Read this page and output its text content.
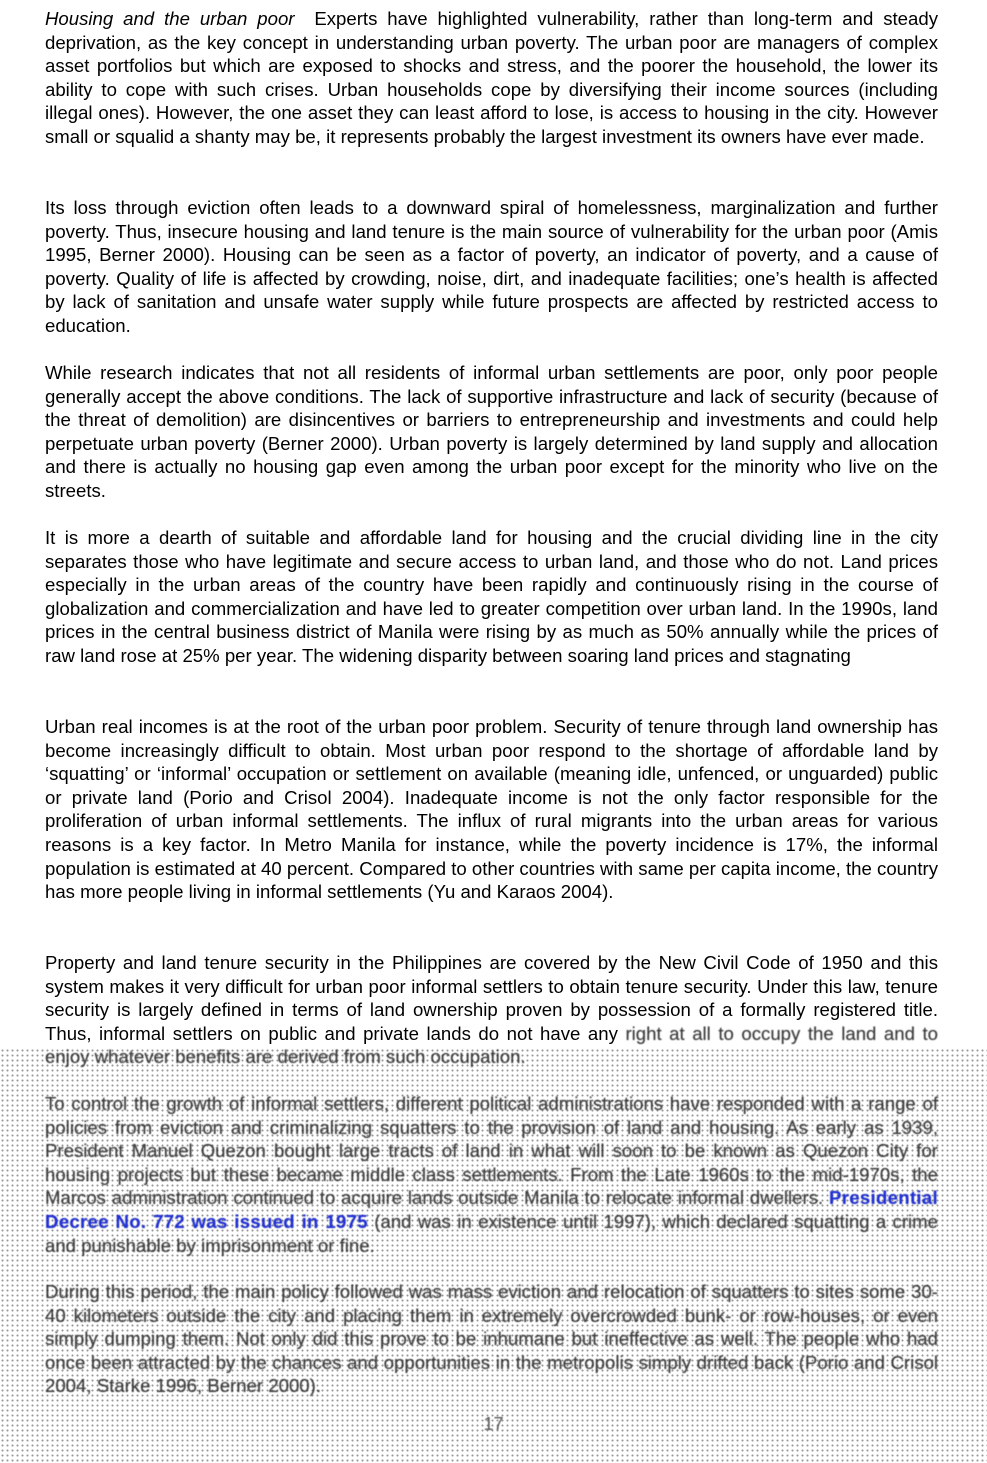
Housing and the urban poor Experts have highlighted vulnerability, rather than long-term and steady deprivation, as the key concept in understanding urban poverty. The urban poor are managers of complex asset portfolios but which are exposed to shocks and stress, and the poorer the household, the lower its ability to cope with such crises. Urban households cope by diversifying their income sources (including illegal ones). However, the one asset they can least afford to lose, is access to housing in the city. However small or squalid a shanty may be, it represents probably the largest investment its owners have ever made.

Its loss through eviction often leads to a downward spiral of homelessness, marginalization and further poverty. Thus, insecure housing and land tenure is the main source of vulnerability for the urban poor (Amis 1995, Berner 2000). Housing can be seen as a factor of poverty, an indicator of poverty, and a cause of poverty. Quality of life is affected by crowding, noise, dirt, and inadequate facilities; one’s health is affected by lack of sanitation and unsafe water supply while future prospects are affected by restricted access to education.

While research indicates that not all residents of informal urban settlements are poor, only poor people generally accept the above conditions. The lack of supportive infrastructure and lack of security (because of the threat of demolition) are disincentives or barriers to entrepreneurship and investments and could help perpetuate urban poverty (Berner 2000). Urban poverty is largely determined by land supply and allocation and there is actually no housing gap even among the urban poor except for the minority who live on the streets.

It is more a dearth of suitable and affordable land for housing and the crucial dividing line in the city separates those who have legitimate and secure access to urban land, and those who do not. Land prices especially in the urban areas of the country have been rapidly and continuously rising in the course of globalization and commercialization and have led to greater competition over urban land. In the 1990s, land prices in the central business district of Manila were rising by as much as 50% annually while the prices of raw land rose at 25% per year. The widening disparity between soaring land prices and stagnating

Urban real incomes is at the root of the urban poor problem. Security of tenure through land ownership has become increasingly difficult to obtain. Most urban poor respond to the shortage of affordable land by ‘squatting’ or ‘informal’ occupation or settlement on available (meaning idle, unfenced, or unguarded) public or private land (Porio and Crisol 2004). Inadequate income is not the only factor responsible for the proliferation of urban informal settlements. The influx of rural migrants into the urban areas for various reasons is a key factor. In Metro Manila for instance, while the poverty incidence is 17%, the informal population is estimated at 40 percent. Compared to other countries with same per capita income, the country has more people living in informal settlements (Yu and Karaos 2004).

Property and land tenure security in the Philippines are covered by the New Civil Code of 1950 and this system makes it very difficult for urban poor informal settlers to obtain tenure security. Under this law, tenure security is largely defined in terms of land ownership proven by possession of a formally registered title. Thus, informal settlers on public and private lands do not have any right at all to occupy the land and to enjoy whatever benefits are derived from such occupation.

To control the growth of informal settlers, different political administrations have responded with a range of policies from eviction and criminalizing squatters to the provision of land and housing. As early as 1939, President Manuel Quezon bought large tracts of land in what will soon to be known as Quezon City for housing projects but these became middle class settlements. From the Late 1960s to the mid-1970s, the Marcos administration continued to acquire lands outside Manila to relocate informal dwellers. Presidential Decree No. 772 was issued in 1975 (and was in existence until 1997), which declared squatting a crime and punishable by imprisonment or fine.

During this period, the main policy followed was mass eviction and relocation of squatters to sites some 30-40 kilometers outside the city and placing them in extremely overcrowded bunk- or row-houses, or even simply dumping them. Not only did this prove to be inhumane but ineffective as well. The people who had once been attracted by the chances and opportunities in the metropolis simply drifted back (Porio and Crisol 2004, Starke 1996, Berner 2000).

17
